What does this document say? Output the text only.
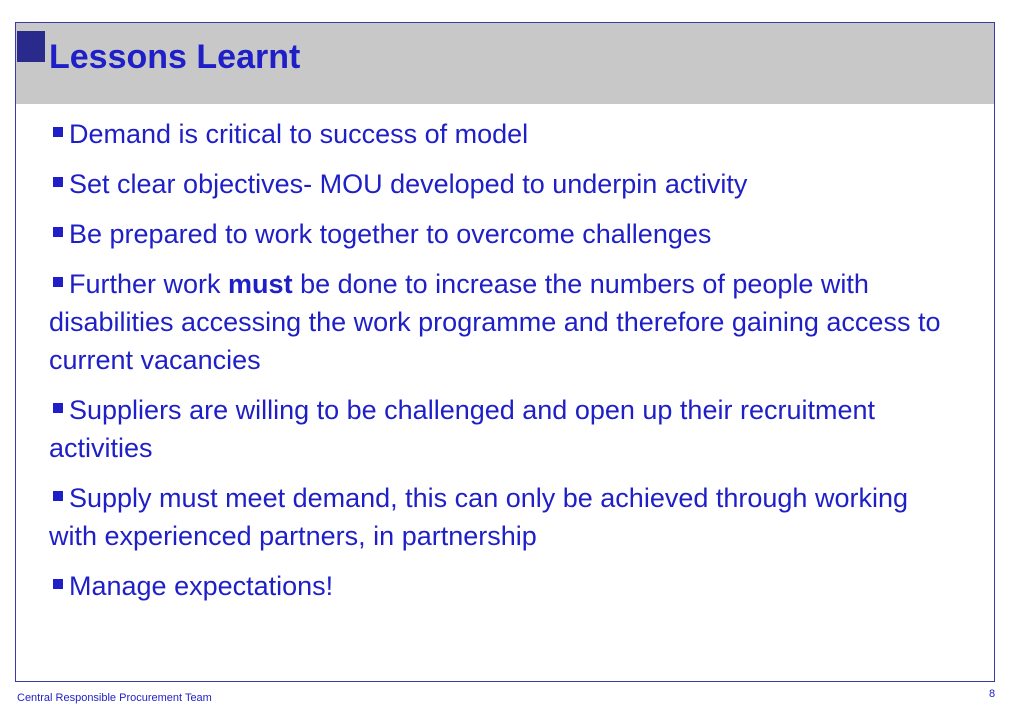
Lessons Learnt
Demand is critical to success of model
Set clear objectives- MOU developed to underpin activity
Be prepared to work together to overcome challenges
Further work must be done to increase the numbers of people with disabilities accessing the work programme and therefore gaining access to current vacancies
Suppliers are willing to be challenged and open up their recruitment activities
Supply must meet demand, this can only be achieved through working with experienced partners, in partnership
Manage expectations!
Central Responsible Procurement Team	8
